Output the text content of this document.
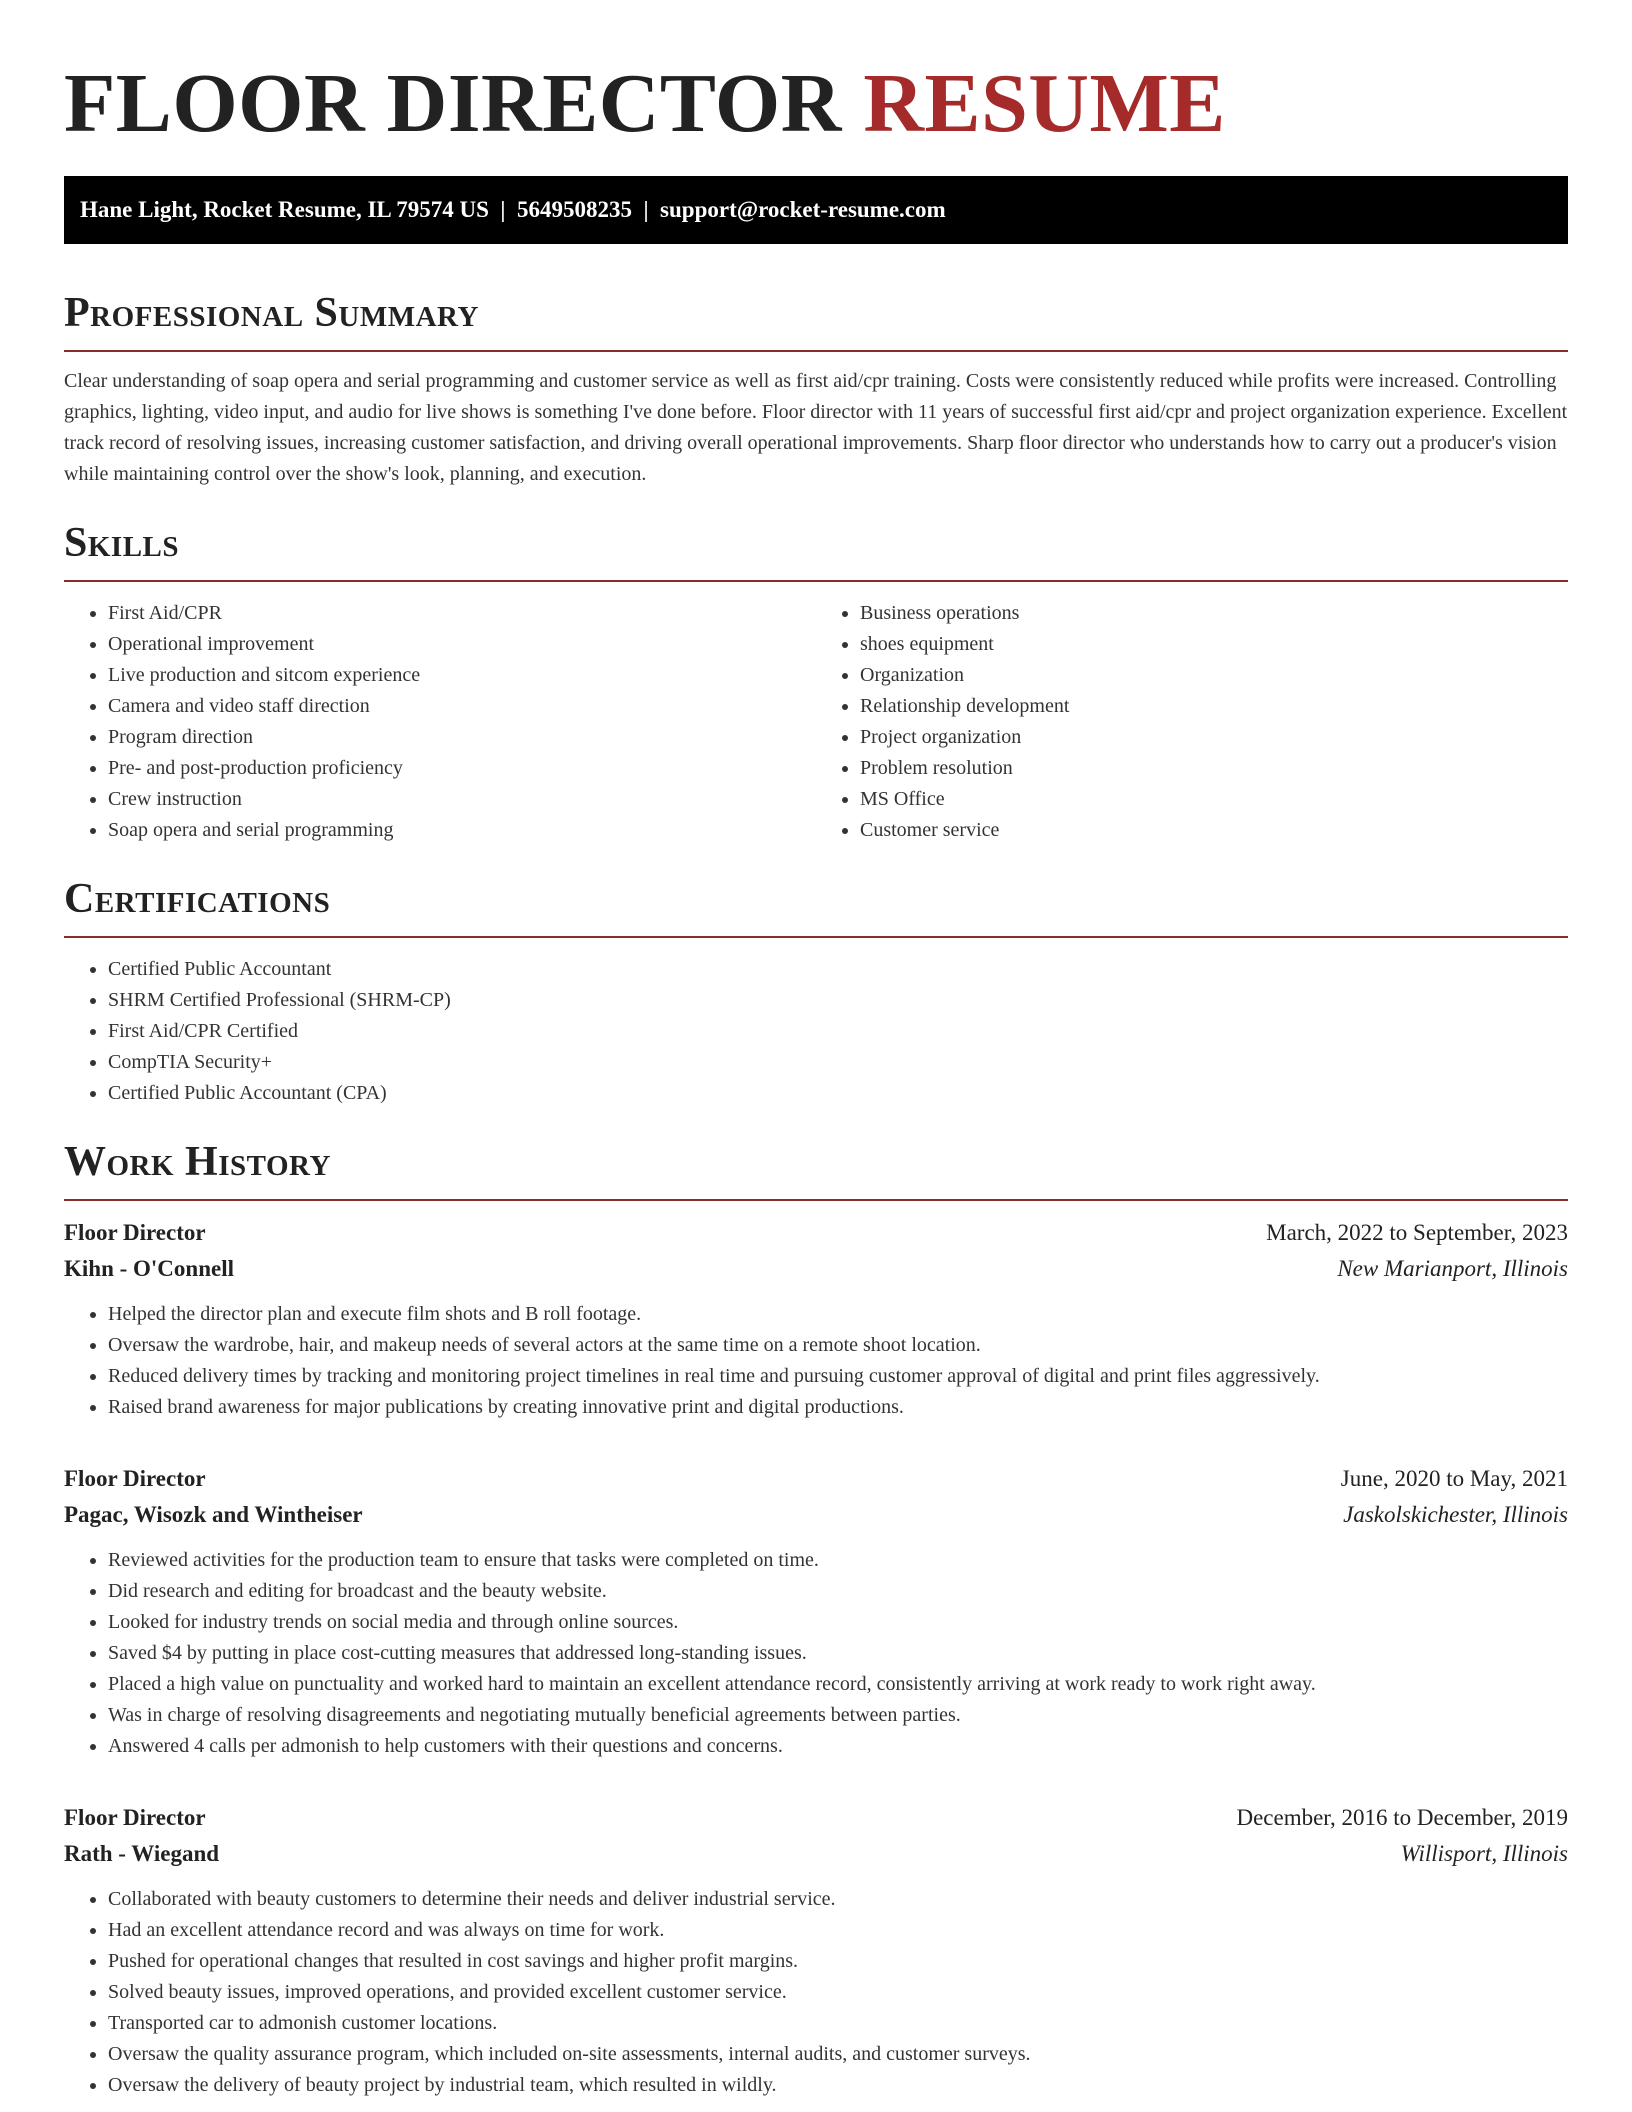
FLOOR DIRECTOR RESUME
Hane Light, Rocket Resume, IL 79574 US  |  5649508235  |  support@rocket-resume.com
Professional Summary

Clear understanding of soap opera and serial programming and customer service as well as first aid/cpr training. Costs were consistently reduced while profits were increased. Controlling graphics, lighting, video input, and audio for live shows is something I've done before. Floor director with 11 years of successful first aid/cpr and project organization experience. Excellent track record of resolving issues, increasing customer satisfaction, and driving overall operational improvements. Sharp floor director who understands how to carry out a producer's vision while maintaining control over the show's look, planning, and execution.

Skills
• First Aid/CPR
• Operational improvement
• Live production and sitcom experience
• Camera and video staff direction
• Program direction
• Pre- and post-production proficiency
• Crew instruction
• Soap opera and serial programming
• Business operations
• shoes equipment
• Organization
• Relationship development
• Project organization
• Problem resolution
• MS Office
• Customer service
Certifications
• Certified Public Accountant
• SHRM Certified Professional (SHRM-CP)
• First Aid/CPR Certified
• CompTIA Security+
• Certified Public Accountant (CPA)
Work History
Floor Director	March, 2022 to September, 2023
Kihn - O'Connell	New Marianport, Illinois
• Helped the director plan and execute film shots and B roll footage.
• Oversaw the wardrobe, hair, and makeup needs of several actors at the same time on a remote shoot location.
• Reduced delivery times by tracking and monitoring project timelines in real time and pursuing customer approval of digital and print files aggressively.
• Raised brand awareness for major publications by creating innovative print and digital productions.
Floor Director	June, 2020 to May, 2021
Pagac, Wisozk and Wintheiser	Jaskolskichester, Illinois
• Reviewed activities for the production team to ensure that tasks were completed on time.
• Did research and editing for broadcast and the beauty website.
• Looked for industry trends on social media and through online sources.
• Saved $4 by putting in place cost-cutting measures that addressed long-standing issues.
• Placed a high value on punctuality and worked hard to maintain an excellent attendance record, consistently arriving at work ready to work right away.
• Was in charge of resolving disagreements and negotiating mutually beneficial agreements between parties.
• Answered 4 calls per admonish to help customers with their questions and concerns.
Floor Director	December, 2016 to December, 2019
Rath - Wiegand	Willisport, Illinois
• Collaborated with beauty customers to determine their needs and deliver industrial service.
• Had an excellent attendance record and was always on time for work.
• Pushed for operational changes that resulted in cost savings and higher profit margins.
• Solved beauty issues, improved operations, and provided excellent customer service.
• Transported car to admonish customer locations.
• Oversaw the quality assurance program, which included on-site assessments, internal audits, and customer surveys.
• Oversaw the delivery of beauty project by industrial team, which resulted in wildly.
